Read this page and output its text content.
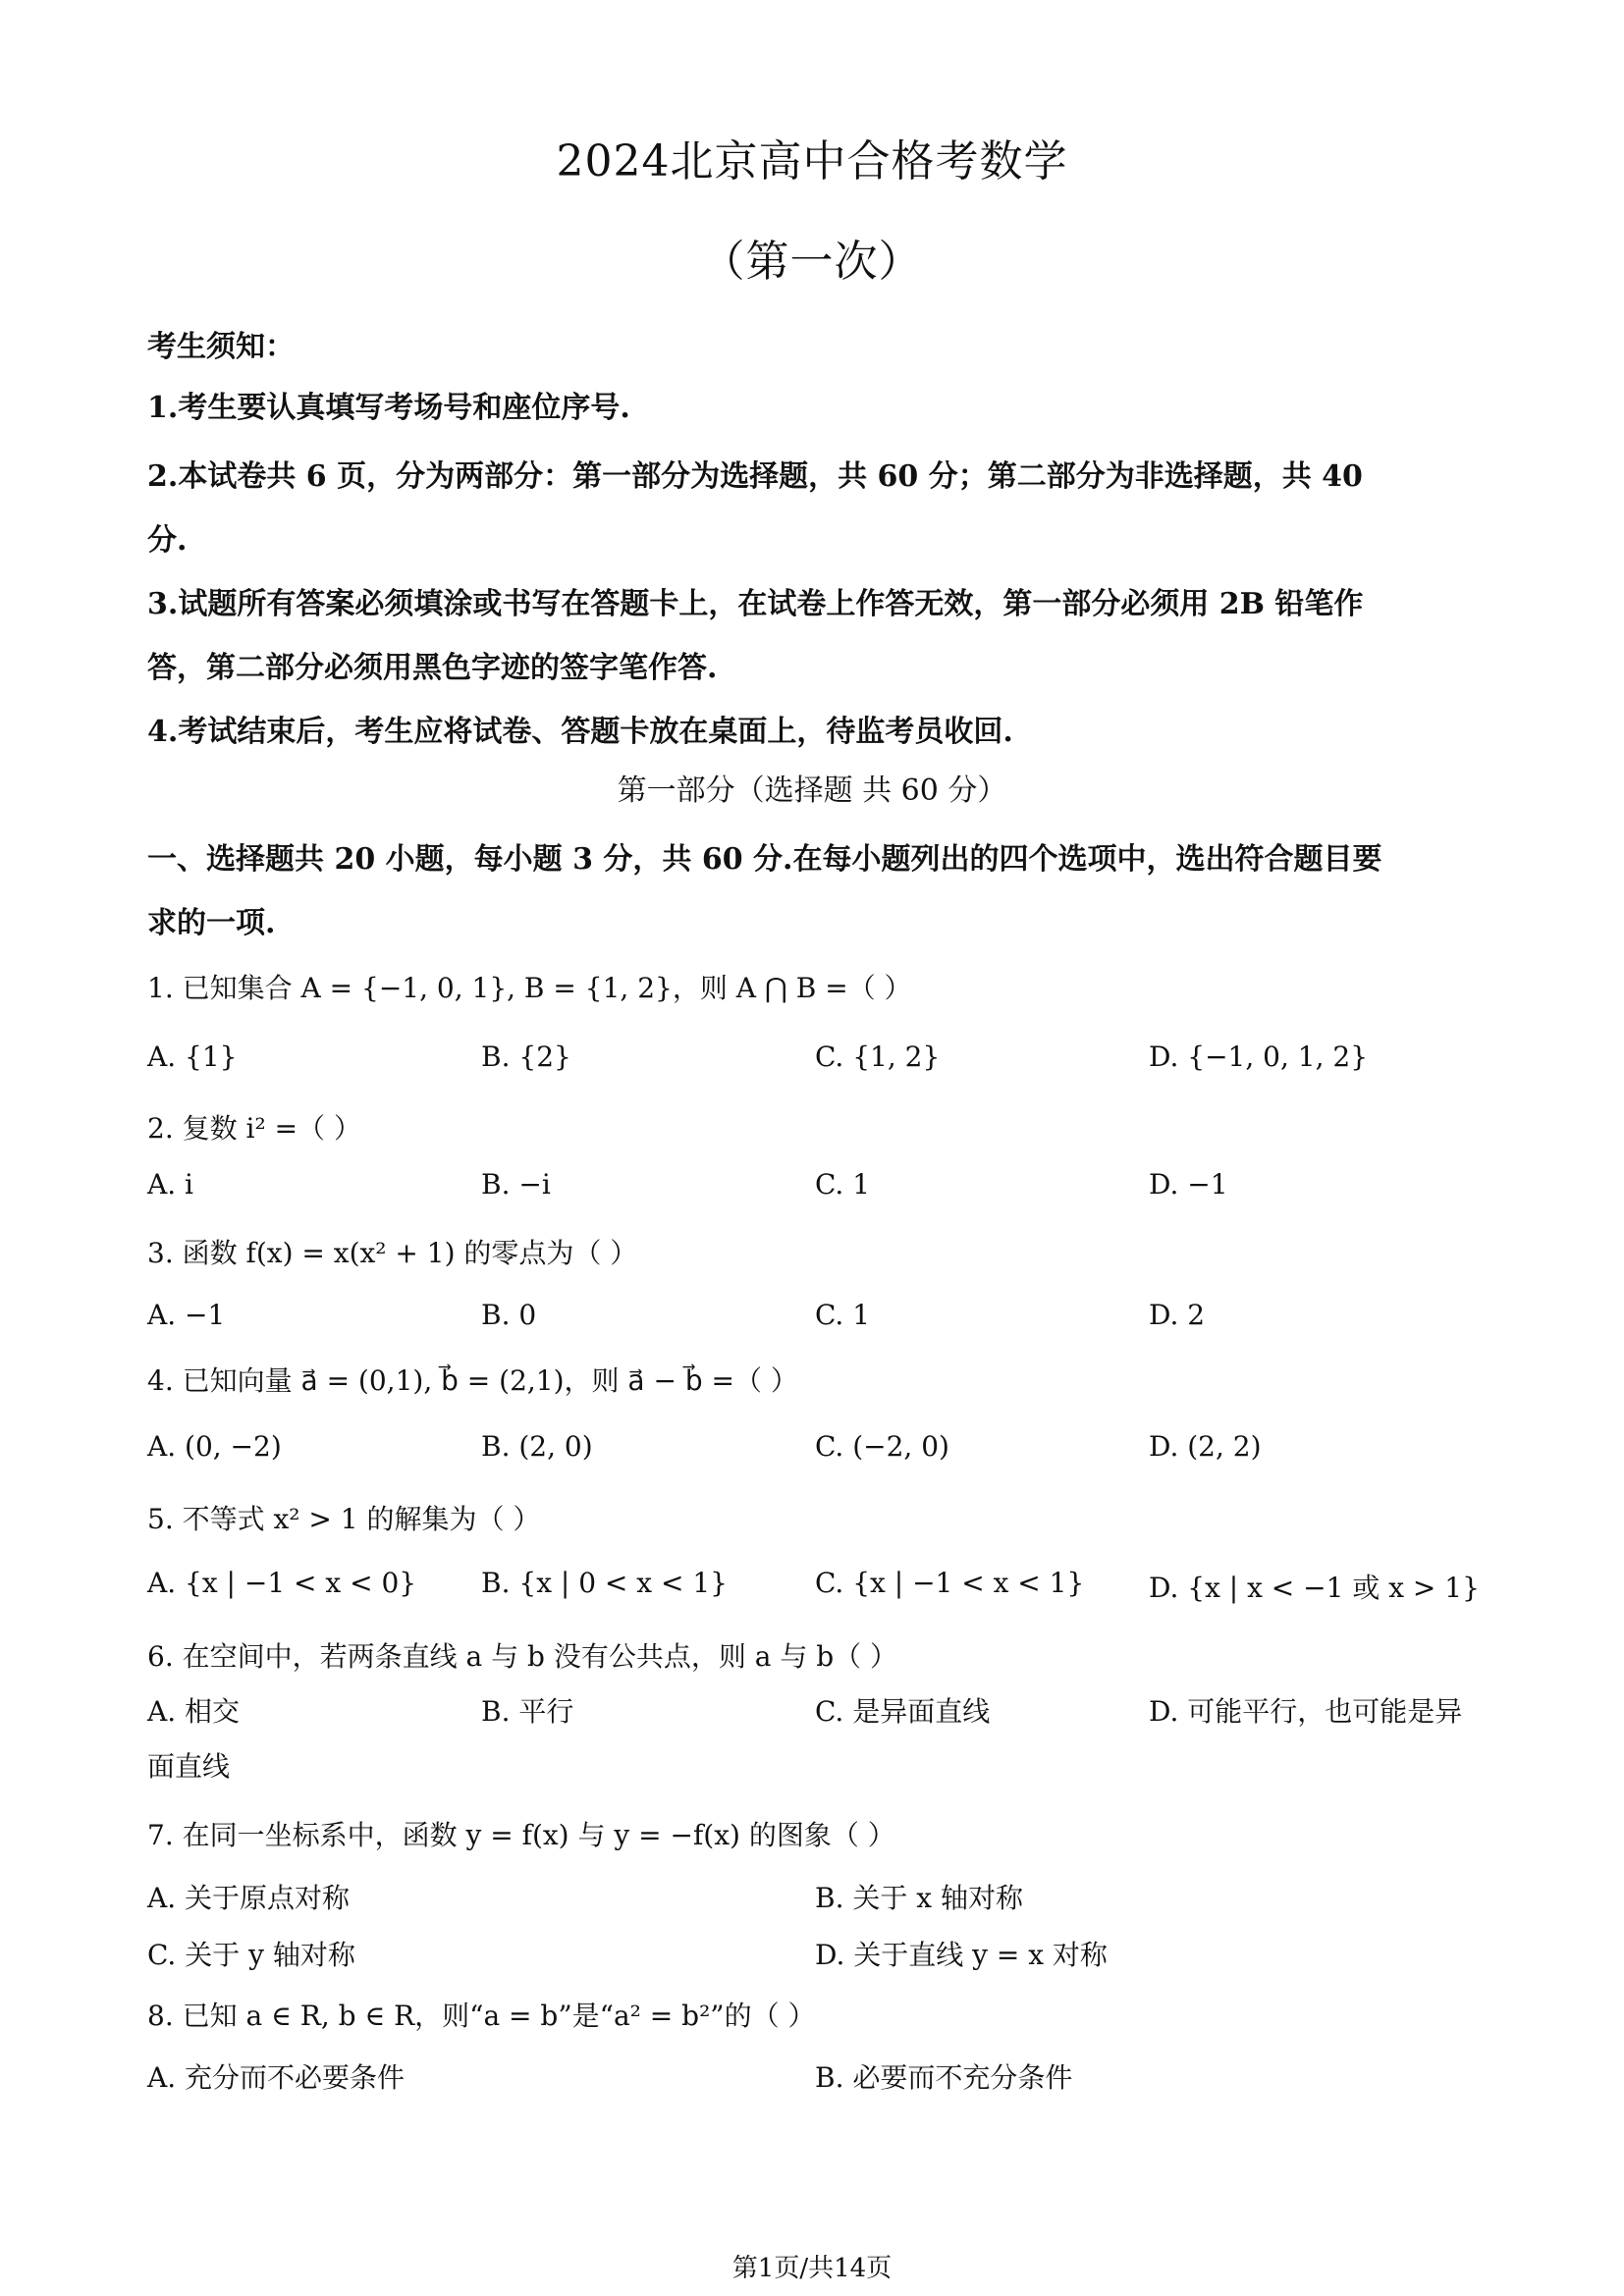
2024北京高中合格考数学
（第一次）
考生须知：
1.考生要认真填写考场号和座位序号.
2.本试卷共 6 页，分为两部分：第一部分为选择题，共 60 分；第二部分为非选择题，共 40
分.
3.试题所有答案必须填涂或书写在答题卡上，在试卷上作答无效，第一部分必须用 2B 铅笔作
答，第二部分必须用黑色字迹的签字笔作答.
4.考试结束后，考生应将试卷、答题卡放在桌面上，待监考员收回.
第一部分（选择题 共 60 分）
一、选择题共 20 小题，每小题 3 分，共 60 分.在每小题列出的四个选项中，选出符合题目要
求的一项.
1. 已知集合 A = {−1, 0, 1}, B = {1, 2}，则 A ⋂ B =（ ）
A. {1}	B. {2}	C. {1, 2}	D. {−1, 0, 1, 2}
2. 复数 i² =（ ）
A. i	B. −i	C. 1	D. −1
3. 函数 f(x) = x(x² + 1) 的零点为（ ）
A. −1	B. 0	C. 1	D. 2
4. 已知向量 a⃗ = (0,1), b⃗ = (2,1)，则 a⃗ − b⃗ =（ ）
A. (0, −2)	B. (2, 0)	C. (−2, 0)	D. (2, 2)
5. 不等式 x² > 1 的解集为（ ）
A. {x | −1 < x < 0} B. {x | 0 < x < 1}	C. {x | −1 < x < 1} D. {x | x < −1 或 x > 1}
6. 在空间中，若两条直线 a 与 b 没有公共点，则 a 与 b（ ）
A. 相交	B. 平行	C. 是异面直线	D. 可能平行，也可能是异
面直线
7. 在同一坐标系中，函数 y = f(x) 与 y = −f(x) 的图象（ ）
A. 关于原点对称	B. 关于 x 轴对称
C. 关于 y 轴对称	D. 关于直线 y = x 对称
8. 已知 a ∈ R, b ∈ R，则“a = b”是“a² = b²”的（ ）
A. 充分而不必要条件	B. 必要而不充分条件
第1页/共14页
